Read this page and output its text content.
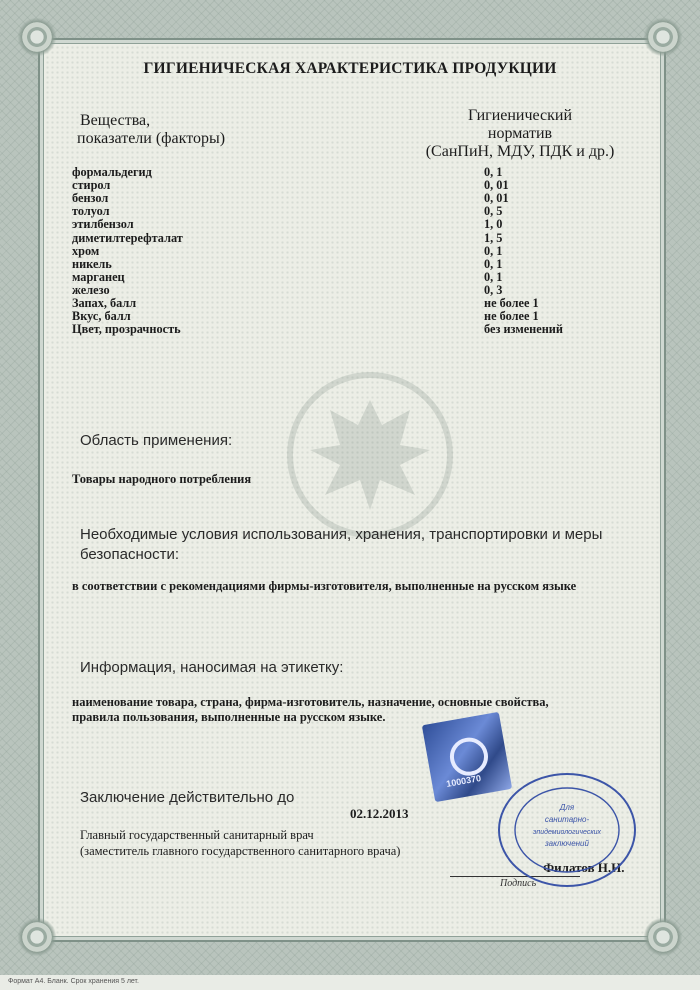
ГИГИЕНИЧЕСКАЯ ХАРАКТЕРИСТИКА ПРОДУКЦИИ
Вещества,
показатели (факторы)
Гигиенический
норматив
(СанПиН, МДУ, ПДК и др.)
формальдегид	0, 1
стирол	0, 01
бензол	0, 01
толуол	0, 5
этилбензол	1, 0
диметилтерефталат	1, 5
хром	0, 1
никель	0, 1
марганец	0, 1
железо	0, 3
Запах, балл	не более 1
Вкус, балл	не более 1
Цвет, прозрачность	без изменений
Область применения:
Товары народного потребления
Необходимые условия использования, хранения, транспортировки и меры
безопасности:
в соответствии с рекомендациями фирмы-изготовителя, выполненные на русском языке
Информация, наносимая на этикетку:
наименование товара, страна, фирма-изготовитель, назначение, основные свойства,
правила пользования, выполненные на русском языке.
1000370
Заключение действительно до
02.12.2013
Главный государственный санитарный врач
(заместитель главного государственного санитарного врача)
Подпись
Филатов Н.Н.
Для
санитарно-
эпидемиологических
заключений
Формат А4. Бланк. Срок хранения 5 лет.
